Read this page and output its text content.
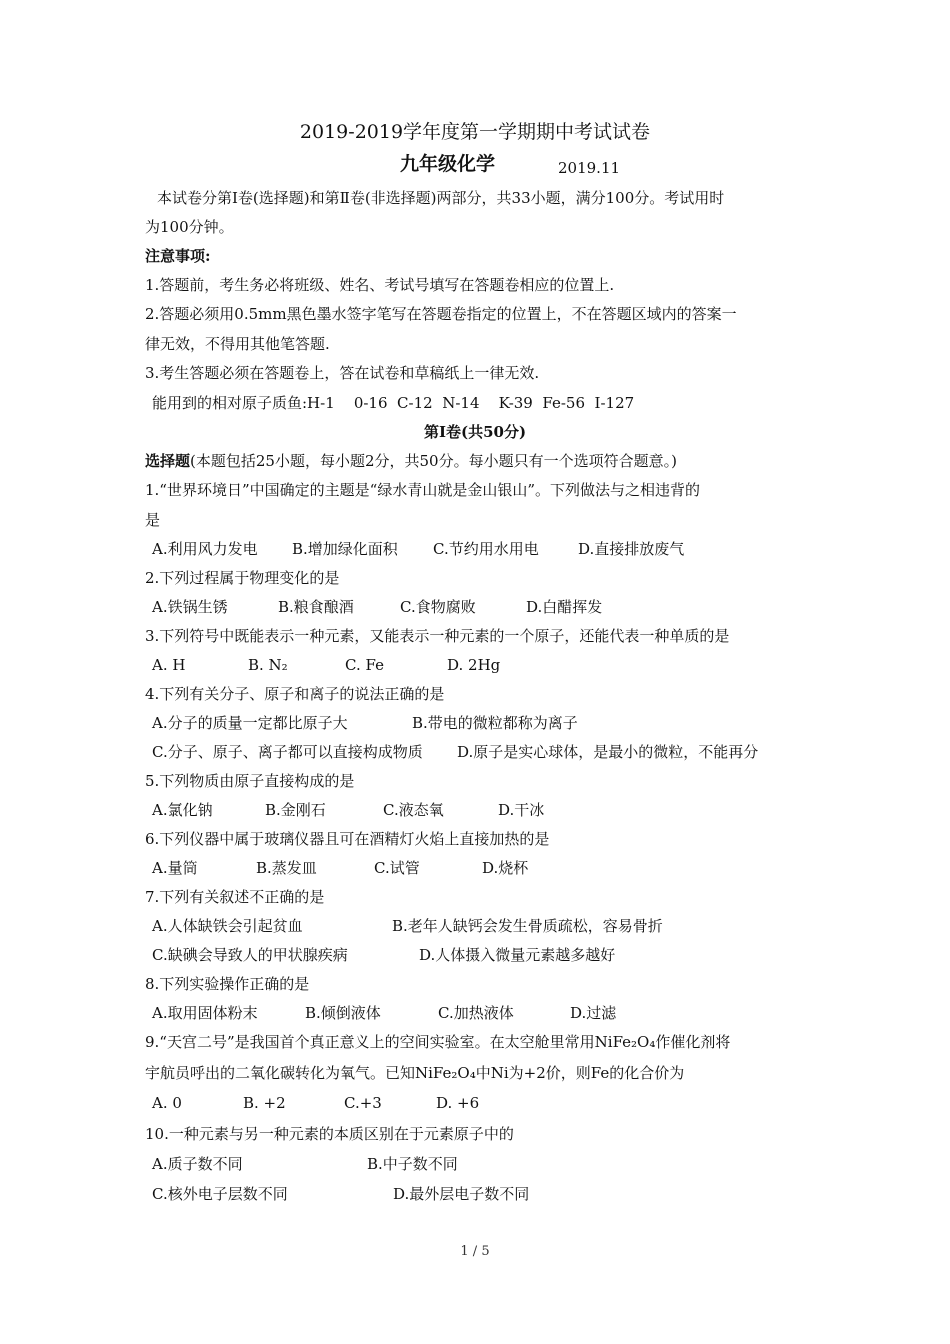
2019-2019学年度第一学期期中考试试卷
九年级化学	2019.11
本试卷分第Ⅰ卷(选择题)和第Ⅱ卷(非选择题)两部分，共33小题，满分100分。考试用时
为100分钟。
注意事项:
1.答题前，考生务必将班级、姓名、考试号填写在答题卷相应的位置上.
2.答题必须用0.5mm黑色墨水签字笔写在答题卷指定的位置上，不在答题区域内的答案一
律无效，不得用其他笔答题.
3.考生答题必须在答题卷上，答在试卷和草稿纸上一律无效.
能用到的相对原子质鱼:H-1    0-16  C-12  N-14    K-39  Fe-56  I-127
第Ⅰ卷(共50分)
选择题(本题包括25小题，每小题2分，共50分。每小题只有一个选项符合题意。)
1.“世界环境日”中国确定的主题是“绿水青山就是金山银山”。下列做法与之相违背的
是
A.利用风力发电 B.增加绿化面积 C.节约用水用电	D.直接排放废气
2.下列过程属于物理变化的是
A.铁锅生锈	B.粮食酿酒	C.食物腐败	D.白醋挥发
3.下列符号中既能表示一种元素，又能表示一种元素的一个原子，还能代表一种单质的是
A. H	B. N₂	C. Fe	D. 2Hg
4.下列有关分子、原子和离子的说法正确的是
A.分子的质量一定都比原子大	B.带电的微粒都称为离子
C.分子、原子、离子都可以直接构成物质 D.原子是实心球体，是最小的微粒，不能再分
5.下列物质由原子直接构成的是
A.氯化钠	B.金刚石	C.液态氧	D.干冰
6.下列仪器中属于玻璃仪器且可在酒精灯火焰上直接加热的是
A.量筒	B.蒸发皿	C.试管	D.烧杯
7.下列有关叙述不正确的是
A.人体缺铁会引起贫血	B.老年人缺钙会发生骨质疏松，容易骨折
C.缺碘会导致人的甲状腺疾病	D.人体摄入微量元素越多越好
8.下列实验操作正确的是
A.取用固体粉末	B.倾倒液体	C.加热液体	D.过滤
9.“天宫二号”是我国首个真正意义上的空间实验室。在太空舱里常用NiFe₂O₄作催化剂将
宇航员呼出的二氧化碳转化为氧气。已知NiFe₂O₄中Ni为+2价，则Fe的化合价为
A. 0	B. +2	C.+3	D. +6
10.一种元素与另一种元素的本质区别在于元素原子中的
A.质子数不同	B.中子数不同
C.核外电子层数不同	D.最外层电子数不同
1 / 5
